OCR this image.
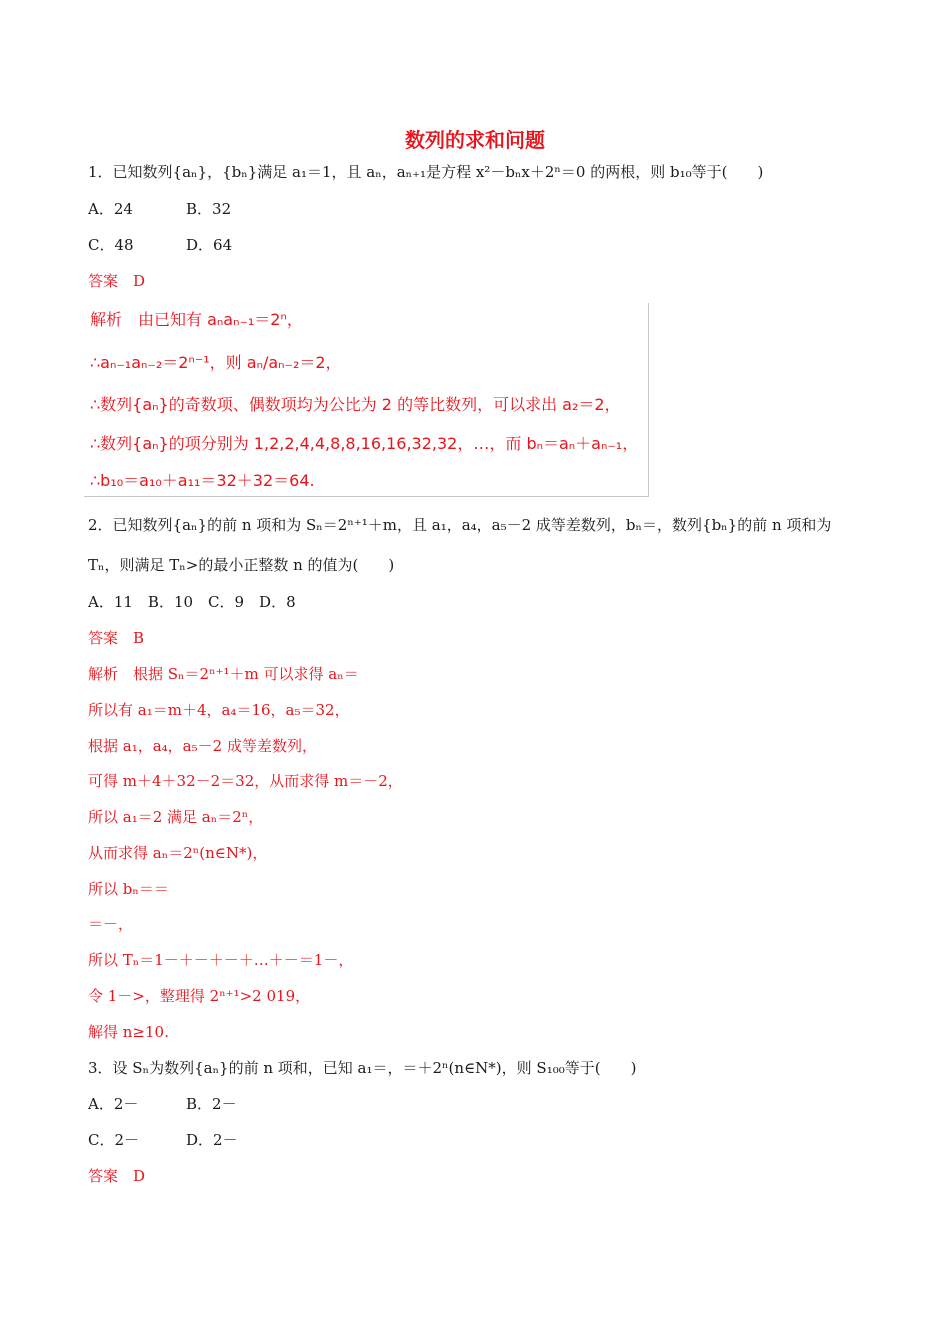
数列的求和问题
1．已知数列{aₙ}，{bₙ}满足 a₁＝1，且 aₙ，aₙ₊₁是方程 x²－bₙx＋2ⁿ＝0 的两根，则 b₁₀等于(　　)
A．24	B．32
C．48	D．64
答案　D
解析　由已知有 aₙaₙ₋₁＝2ⁿ，
∴aₙ₋₁aₙ₋₂＝2ⁿ⁻¹，则 aₙ/aₙ₋₂＝2，
∴数列{aₙ}的奇数项、偶数项均为公比为 2 的等比数列，可以求出 a₂＝2，
∴数列{aₙ}的项分别为 1,2,2,4,4,8,8,16,16,32,32，…，而 bₙ＝aₙ＋aₙ₋₁，
∴b₁₀＝a₁₀＋a₁₁＝32＋32＝64.
2．已知数列{aₙ}的前 n 项和为 Sₙ＝2ⁿ⁺¹＋m，且 a₁，a₄，a₅－2 成等差数列，bₙ＝，数列{bₙ}的前 n 项和为
Tₙ，则满足 Tₙ>的最小正整数 n 的值为(　　)
A．11　B．10　C．9　D．8
答案　B
解析　根据 Sₙ＝2ⁿ⁺¹＋m 可以求得 aₙ＝
所以有 a₁＝m＋4，a₄＝16，a₅＝32，
根据 a₁，a₄，a₅－2 成等差数列，
可得 m＋4＋32－2＝32，从而求得 m＝－2，
所以 a₁＝2 满足 aₙ＝2ⁿ，
从而求得 aₙ＝2ⁿ(n∈N*)，
所以 bₙ＝＝
＝－，
所以 Tₙ＝1－＋－＋－＋…＋－＝1－，
令 1－>，整理得 2ⁿ⁺¹>2 019，
解得 n≥10.
3．设 Sₙ为数列{aₙ}的前 n 项和，已知 a₁＝，＝＋2ⁿ(n∈N*)，则 S₁₀₀等于(　　)
A．2－	B．2－
C．2－	D．2－
答案　D
